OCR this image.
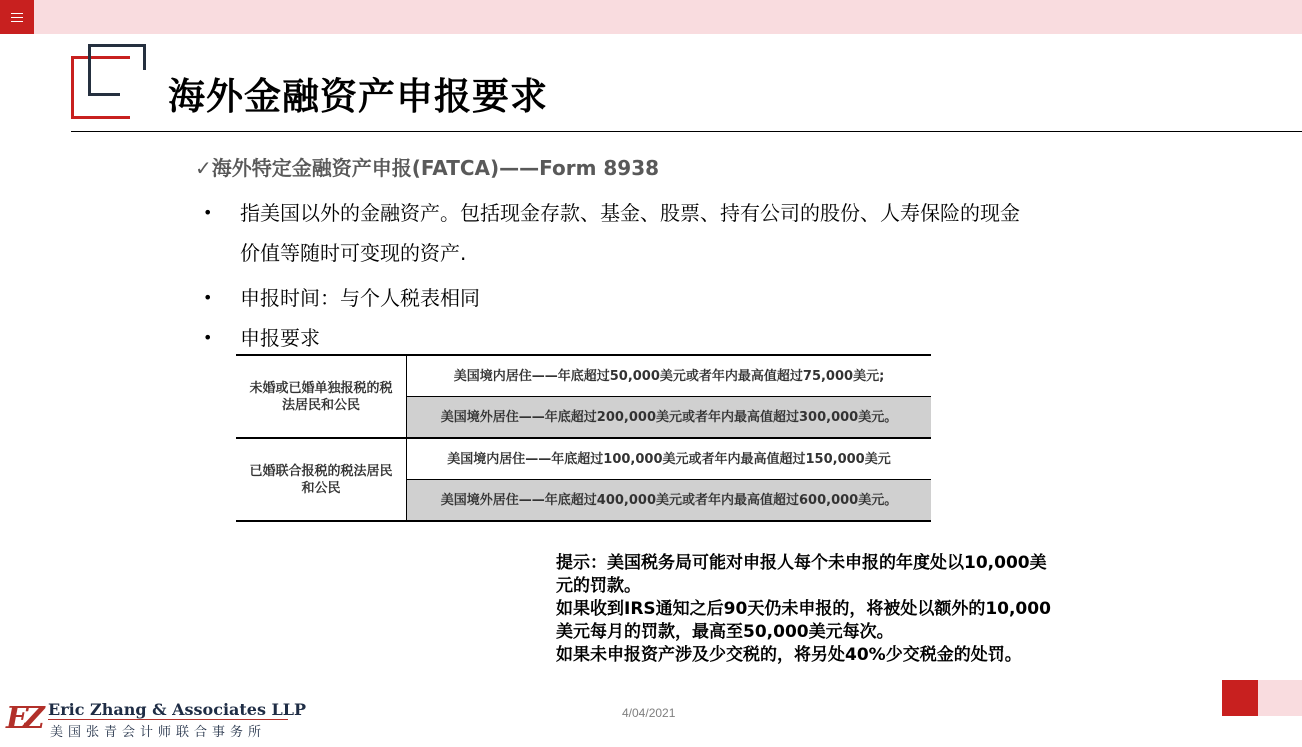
海外金融资产申报要求
✓海外特定金融资产申报(FATCA)——Form 8938
• 指美国以外的金融资产。包括现金存款、基金、股票、持有公司的股份、人寿保险的现金
价值等随时可变现的资产.
• 申报时间：与个人税表相同
• 申报要求
未婚或已婚单独报税的税法居民和公民	美国境内居住——年底超过50,000美元或者年内最高值超过75,000美元;
	美国境外居住——年底超过200,000美元或者年内最高值超过300,000美元。
已婚联合报税的税法居民和公民	美国境内居住——年底超过100,000美元或者年内最高值超过150,000美元
	美国境外居住——年底超过400,000美元或者年内最高值超过600,000美元。
提示：美国税务局可能对申报人每个未申报的年度处以10,000美
元的罚款。
如果收到IRS通知之后90天仍未申报的，将被处以额外的10,000
美元每月的罚款，最高至50,000美元每次。
如果未申报资产涉及少交税的，将另处40%少交税金的处罚。
EZ Eric Zhang & Associates LLP
美国张青会计师联合事务所
4/04/2021
